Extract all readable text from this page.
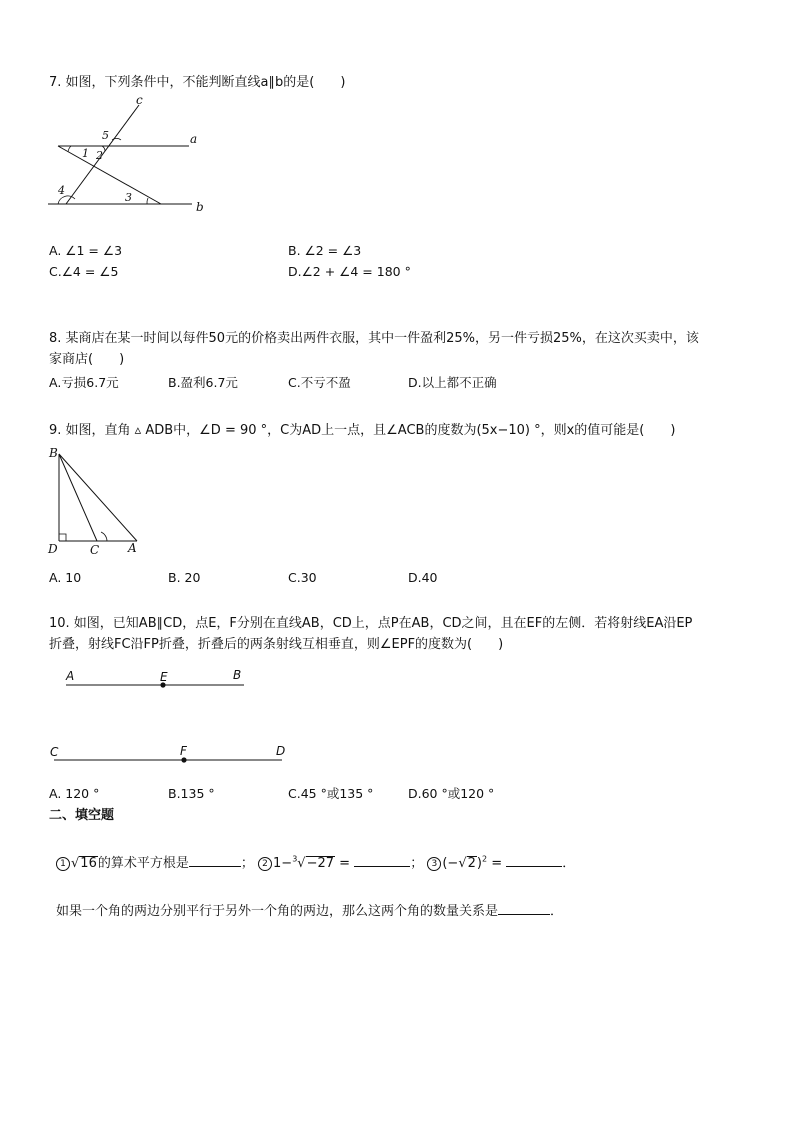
7. 如图，下列条件中，不能判断直线a∥b的是(　　)
c
a
b
5
1 2
4
3
A. ∠1 = ∠3	B. ∠2 = ∠3
C.∠4 = ∠5	D.∠2 + ∠4 = 180 °
8. 某商店在某一时间以每件50元的价格卖出两件衣服，其中一件盈利25%，另一件亏损25%，在这次买卖中，该
家商店(　　)
A.亏损6.7元	B.盈利6.7元	C.不亏不盈	D.以上都不正确
9. 如图，直角 ▵ ADB中，∠D = 90 °，C为AD上一点，且∠ACB的度数为(5x−10) °，则x的值可能是(　　)
B
D	C A
A. 10	B. 20	C.30	D.40
10. 如图，已知AB∥CD，点E，F分别在直线AB，CD上，点P在AB，CD之间，且在EF的左侧．若将射线EA沿EP
折叠，射线FC沿FP折叠，折叠后的两条射线互相垂直，则∠EPF的度数为(　　)
A	E	B
C	F	D
A. 120 °	B.135 °	C.45 °或135 °	D.60 °或120 °
二、填空题
1 √16的算术平方根是	； 2 1−$^3$√−27 =	； 3 $(-√2)^2$ =	．
如果一个角的两边分别平行于另外一个角的两边，那么这两个角的数量关系是	．
